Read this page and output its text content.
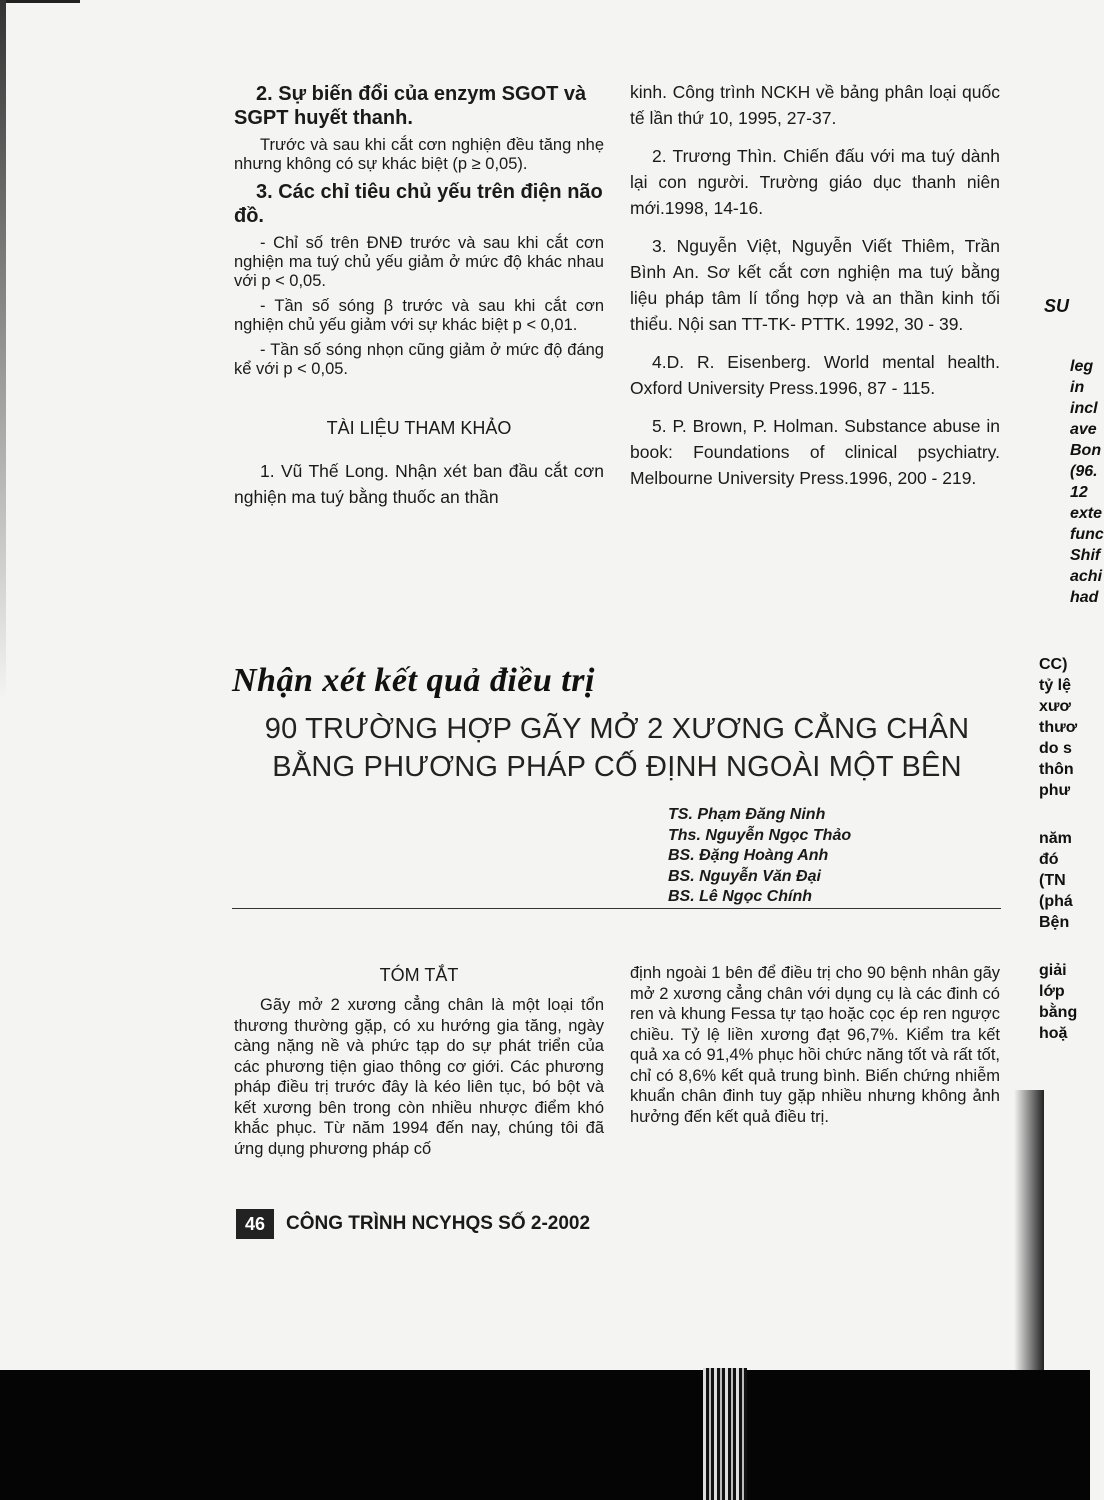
2. Sự biến đổi của enzym SGOT và SGPT huyết thanh.

Trước và sau khi cắt cơn nghiện đều tăng nhẹ nhưng không có sự khác biệt (p ≥ 0,05).

3. Các chỉ tiêu chủ yếu trên điện não đồ.

- Chỉ số trên ĐNĐ trước và sau khi cắt cơn nghiện ma tuý chủ yếu giảm ở mức độ khác nhau với p < 0,05.

- Tần số sóng β trước và sau khi cắt cơn nghiện chủ yếu giảm với sự khác biệt p < 0,01.

- Tần số sóng nhọn cũng giảm ở mức độ đáng kể với p < 0,05.

TÀI LIỆU THAM KHẢO

1. Vũ Thế Long. Nhận xét ban đầu cắt cơn nghiện ma tuý bằng thuốc an thần

kinh. Công trình NCKH về bảng phân loại quốc tế lần thứ 10, 1995, 27-37.

2. Trương Thìn. Chiến đấu với ma tuý dành lại con người. Trường giáo dục thanh niên mới.1998, 14-16.

3. Nguyễn Việt, Nguyễn Viết Thiêm, Trần Bình An. Sơ kết cắt cơn nghiện ma tuý bằng liệu pháp tâm lí tổng hợp và an thần kinh tối thiểu. Nội san TT-TK- PTTK. 1992, 30 - 39.

4.D. R. Eisenberg. World mental health. Oxford University Press.1996, 87 - 115.

5. P. Brown, P. Holman. Substance abuse in book: Foundations of clinical psychiatry. Melbourne University Press.1996, 200 - 219.

Nhận xét kết quả điều trị
90 TRƯỜNG HỢP GÃY MỞ 2 XƯƠNG CẲNG CHÂN
BẰNG PHƯƠNG PHÁP CỐ ĐỊNH NGOÀI MỘT BÊN
TS. Phạm Đăng Ninh
Ths. Nguyễn Ngọc Thảo
BS. Đặng Hoàng Anh
BS. Nguyễn Văn Đại
BS. Lê Ngọc Chính
TÓM TẮT

Gãy mở 2 xương cẳng chân là một loại tổn thương thường gặp, có xu hướng gia tăng, ngày càng nặng nề và phức tạp do sự phát triển của các phương tiện giao thông cơ giới. Các phương pháp điều trị trước đây là kéo liên tục, bó bột và kết xương bên trong còn nhiều nhược điểm khó khắc phục. Từ năm 1994 đến nay, chúng tôi đã ứng dụng phương pháp cố

định ngoài 1 bên để điều trị cho 90 bệnh nhân gãy mở 2 xương cẳng chân với dụng cụ là các đinh có ren và khung Fessa tự tạo hoặc cọc ép ren ngược chiều. Tỷ lệ liền xương đạt 96,7%. Kiểm tra kết quả xa có 91,4% phục hồi chức năng tốt và rất tốt, chỉ có 8,6% kết quả trung bình. Biến chứng nhiễm khuẩn chân đinh tuy gặp nhiều nhưng không ảnh hưởng đến kết quả điều trị.

46	CÔNG TRÌNH NCYHQS SỐ 2-2002
SU
leg
in
incl
ave
Bon
(96.
12
exte
func
Shif
achi
had
CC)
tỷ lệ
xươ
thươ
do s
thôn
phư
năm
đó
(TN
(phá
Bện
giải
lớp
bằng
hoặ
